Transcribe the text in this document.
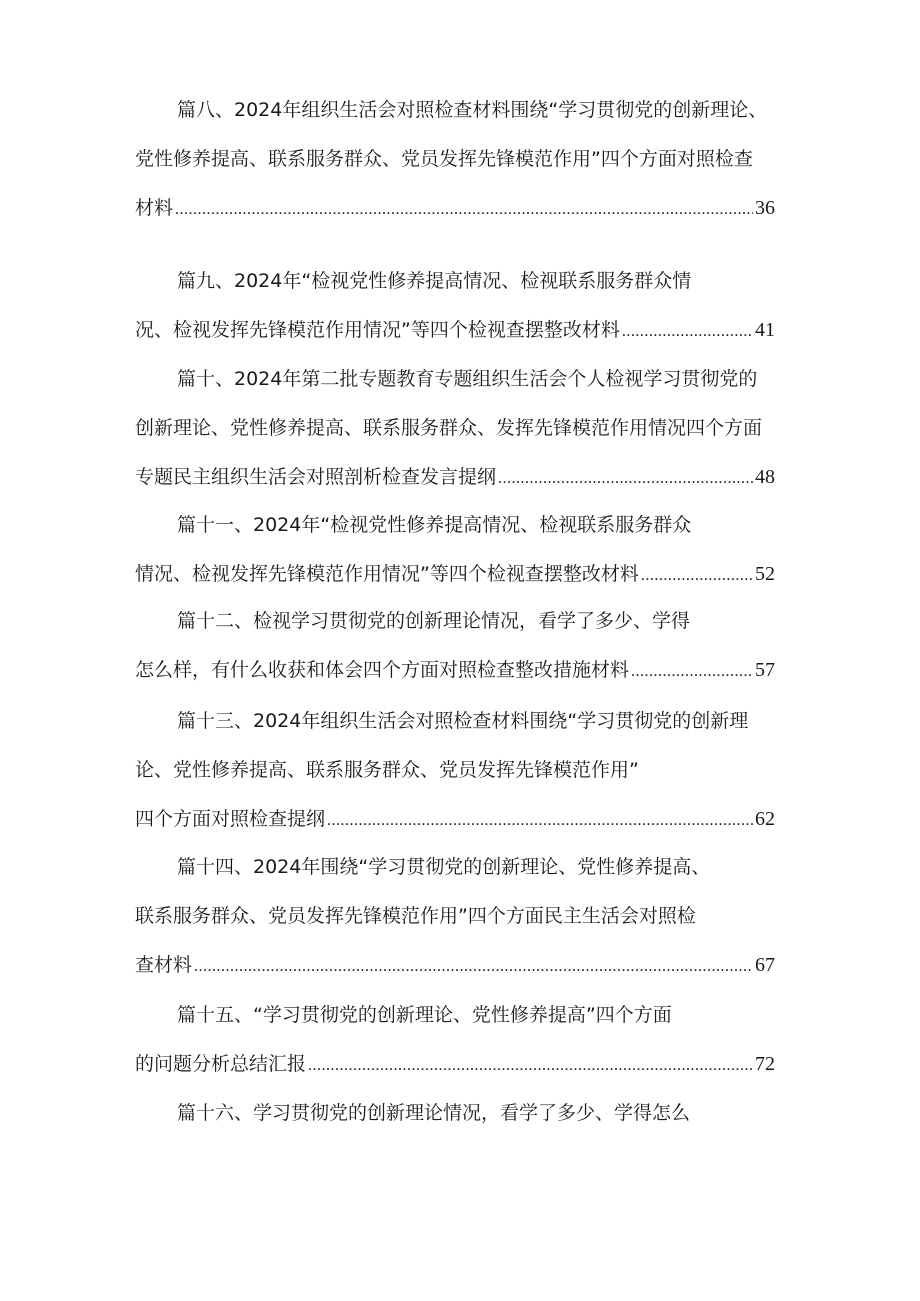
篇八、2024年组织生活会对照检查材料围绕“学习贯彻党的创新理论、
党性修养提高、联系服务群众、党员发挥先锋模范作用”四个方面对照检查
材料 .....	36
篇九、2024年“检视党性修养提高情况、检视联系服务群众情
况、检视发挥先锋模范作用情况”等四个检视查摆整改材料 .....	41
篇十、2024年第二批专题教育专题组织生活会个人检视学习贯彻党的
创新理论、党性修养提高、联系服务群众、发挥先锋模范作用情况四个方面
专题民主组织生活会对照剖析检查发言提纲 .....	48
篇十一、2024年“检视党性修养提高情况、检视联系服务群众
情况、检视发挥先锋模范作用情况”等四个检视查摆整改材料 .....	52
篇十二、检视学习贯彻党的创新理论情况，看学了多少、学得
怎么样，有什么收获和体会四个方面对照检查整改措施材料 .....	57
篇十三、2024年组织生活会对照检查材料围绕“学习贯彻党的创新理
论、党性修养提高、联系服务群众、党员发挥先锋模范作用”
四个方面对照检查提纲 .....	62
篇十四、2024年围绕“学习贯彻党的创新理论、党性修养提高、
联系服务群众、党员发挥先锋模范作用”四个方面民主生活会对照检
查材料 .....	67
篇十五、“学习贯彻党的创新理论、党性修养提高”四个方面
的问题分析总结汇报 .....	72
篇十六、学习贯彻党的创新理论情况，看学了多少、学得怎么
